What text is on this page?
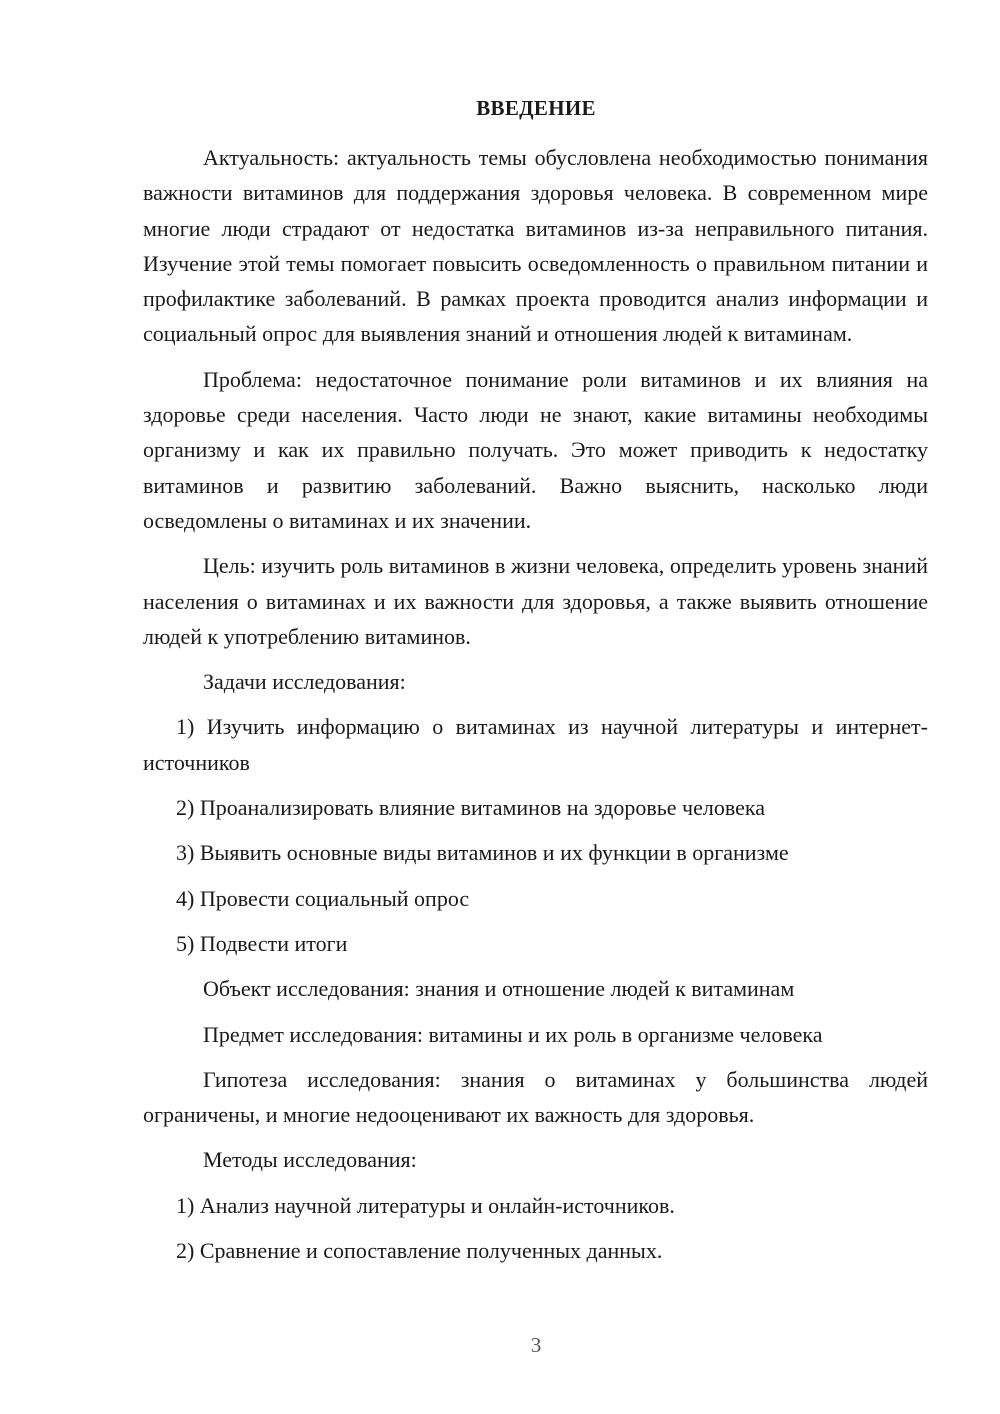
ВВЕДЕНИЕ

Актуальность: актуальность темы обусловлена необходимостью понимания важности витаминов для поддержания здоровья человека. В современном мире многие люди страдают от недостатка витаминов из-за неправильного питания. Изучение этой темы помогает повысить осведомленность о правильном питании и профилактике заболеваний. В рамках проекта проводится анализ информации и социальный опрос для выявления знаний и отношения людей к витаминам.

Проблема: недостаточное понимание роли витаминов и их влияния на здоровье среди населения. Часто люди не знают, какие витамины необходимы организму и как их правильно получать. Это может приводить к недостатку витаминов и развитию заболеваний. Важно выяснить, насколько люди осведомлены о витаминах и их значении.

Цель: изучить роль витаминов в жизни человека, определить уровень знаний населения о витаминах и их важности для здоровья, а также выявить отношение людей к употреблению витаминов.

Задачи исследования:

1) Изучить информацию о витаминах из научной литературы и интернет-источников

2) Проанализировать влияние витаминов на здоровье человека

3) Выявить основные виды витаминов и их функции в организме

4) Провести социальный опрос

5) Подвести итоги

Объект исследования: знания и отношение людей к витаминам

Предмет исследования: витамины и их роль в организме человека

Гипотеза исследования: знания о витаминах у большинства людей ограничены, и многие недооценивают их важность для здоровья.

Методы исследования:

1) Анализ научной литературы и онлайн-источников.

2) Сравнение и сопоставление полученных данных.

3
